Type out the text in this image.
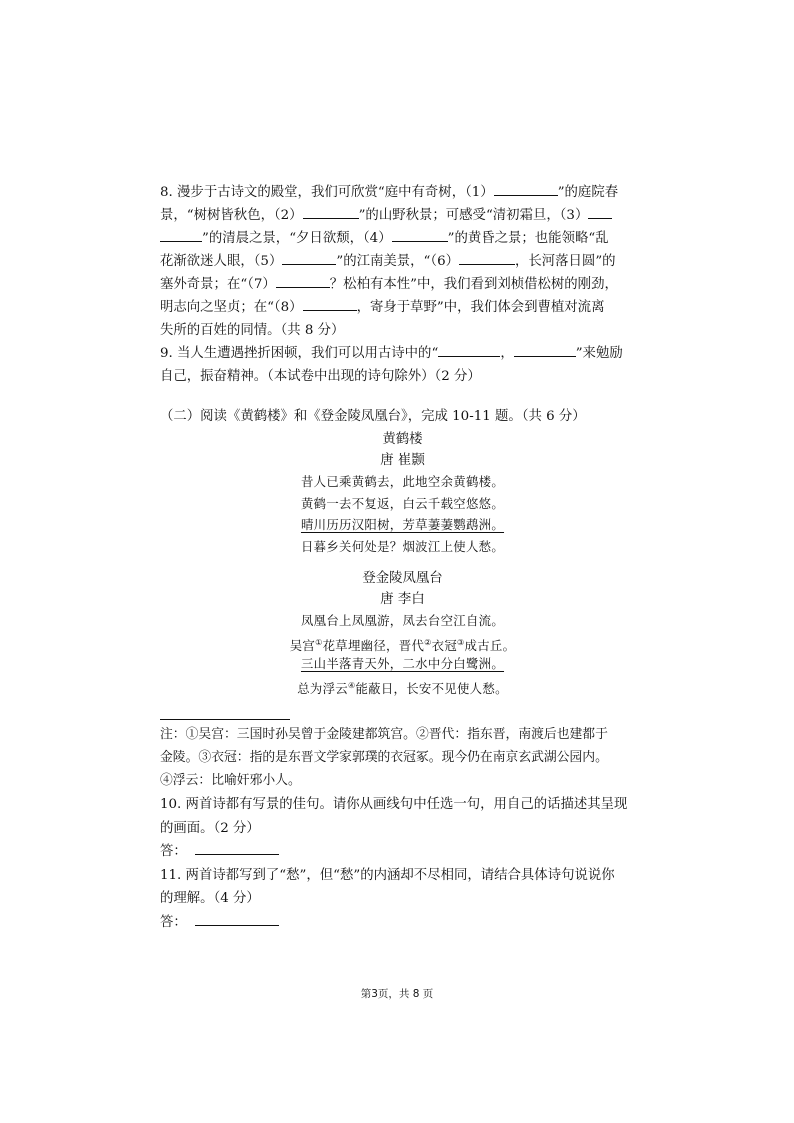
8. 漫步于古诗文的殿堂，我们可欣赏“庭中有奇树，（1）	”的庭院春
景，“树树皆秋色，（2）	”的山野秋景；可感受“清初霜旦，（3）
”的清晨之景，“夕日欲颓，（4）	”的黄昏之景；也能领略“乱
花渐欲迷人眼，（5）	”的江南美景，“（6）	，长河落日圆”的
塞外奇景；在“（7）	？松柏有本性”中，我们看到刘桢借松树的刚劲，
明志向之坚贞；在“（8）	，寄身于草野”中，我们体会到曹植对流离
失所的百姓的同情。（共 8 分）
9. 当人生遭遇挫折困顿，我们可以用古诗中的“	，	”来勉励
自己，振奋精神。（本试卷中出现的诗句除外）（2 分）
（二）阅读《黄鹤楼》和《登金陵凤凰台》，完成 10-11 题。（共 6 分）
黄鹤楼
唐 崔颢
昔人已乘黄鹤去，此地空余黄鹤楼。
黄鹤一去不复返，白云千载空悠悠。
晴川历历汉阳树，芳草萋萋鹦鹉洲。
日暮乡关何处是？烟波江上使人愁。
登金陵凤凰台
唐 李白
凤凰台上凤凰游，凤去台空江自流。
吴宫①花草埋幽径，晋代②衣冠③成古丘。
三山半落青天外，二水中分白鹭洲。
总为浮云④能蔽日，长安不见使人愁。
注：①吴宫：三国时孙吴曾于金陵建都筑宫。②晋代：指东晋，南渡后也建都于
金陵。③衣冠：指的是东晋文学家郭璞的衣冠冢。现今仍在南京玄武湖公园内。
④浮云：比喻奸邪小人。
10. 两首诗都有写景的佳句。请你从画线句中任选一句，用自己的话描述其呈现
的画面。（2 分）
答：
11. 两首诗都写到了“愁”，但“愁”的内涵却不尽相同，请结合具体诗句说说你
的理解。（4 分）
答：
第3页，共 8 页
